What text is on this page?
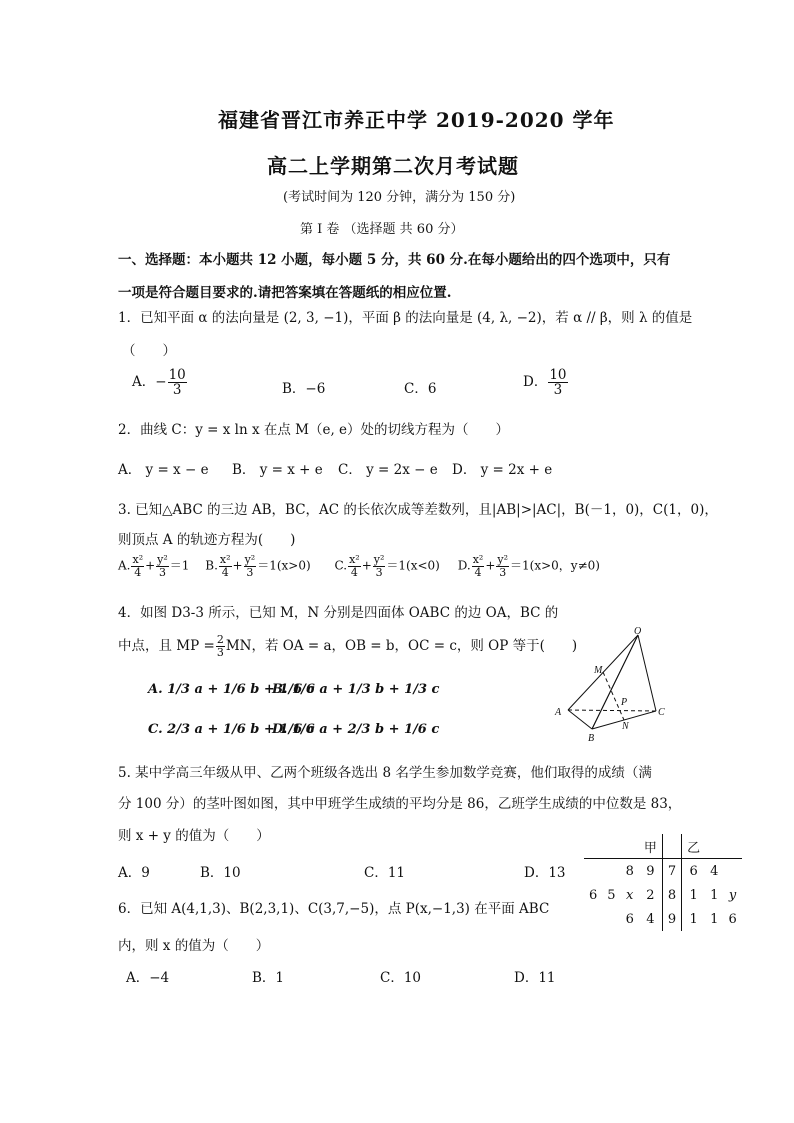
福建省晋江市养正中学 2019-2020 学年
高二上学期第二次月考试题
(考试时间为 120 分钟，满分为 150 分)
第 I 卷 （选择题 共 60 分）
一、选择题：本小题共 12 小题，每小题 5 分，共 60 分.在每小题给出的四个选项中，只有
一项是符合题目要求的.请把答案填在答题纸的相应位置.
1．已知平面 α 的法向量是 (2, 3, −1)，平面 β 的法向量是 (4, λ, −2)，若 α // β，则 λ 的值是
（　　）
A．− $\frac{10}{3}$	B．−6	C．6	D． $\frac{10}{3}$
2．曲线 C：y = x ln x 在点 M（e, e）处的切线方程为（　　）
A． y = x − e B． y = x + e C． y = 2x − e D． y = 2x + e
3. 已知△ABC 的三边 AB，BC，AC 的长依次成等差数列，且|AB|>|AC|，B(－1，0)，C(1，0)，
则顶点 A 的轨迹方程为(　　)
A. $\frac{\text{x²}}{4} + \frac{\text{y²}}{3} =1$ B. $\frac{\text{x²}}{4} + \frac{\text{y²}}{3} =1(x>0)$ C. $\frac{\text{x²}}{4} + \frac{\text{y²}}{3} =1(x<0)$ D. $\frac{\text{x²}}{4} + \frac{\text{y²}}{3} =1(x>0$，y≠0)
4．如图 D3-3 所示，已知 M，N 分别是四面体 OABC 的边 OA，BC 的
中点，且 MP = $\frac{2}{3}$ MN，若 OA = a，OB = b，OC = c，则 OP 等于(　　)
A. 1/3 a + 1/6 b + 1/6 c
B. 1/6 a + 1/3 b + 1/3 c
C. 2/3 a + 1/6 b + 1/6 c
D. 1/6 a + 2/3 b + 1/6 c
O
M
A
P
C
N
B
5. 某中学高三年级从甲、乙两个班级各选出 8 名学生参加数学竞赛，他们取得的成绩（满
分 100 分）的茎叶图如图，其中甲班学生成绩的平均分是 86，乙班学生成绩的中位数是 83，
则 x + y 的值为（　　）
A．9	B．10	C．11	D．13
			甲		乙		
		8	9	7	6	4	
6	5	x	2	8	1	1	y
		6	4	9	1	1	6
6．已知 A(4,1,3)、B(2,3,1)、C(3,7,−5)，点 P(x,−1,3) 在平面 ABC
内，则 x 的值为（　　）
A．−4	B．1	C．10	D．11
